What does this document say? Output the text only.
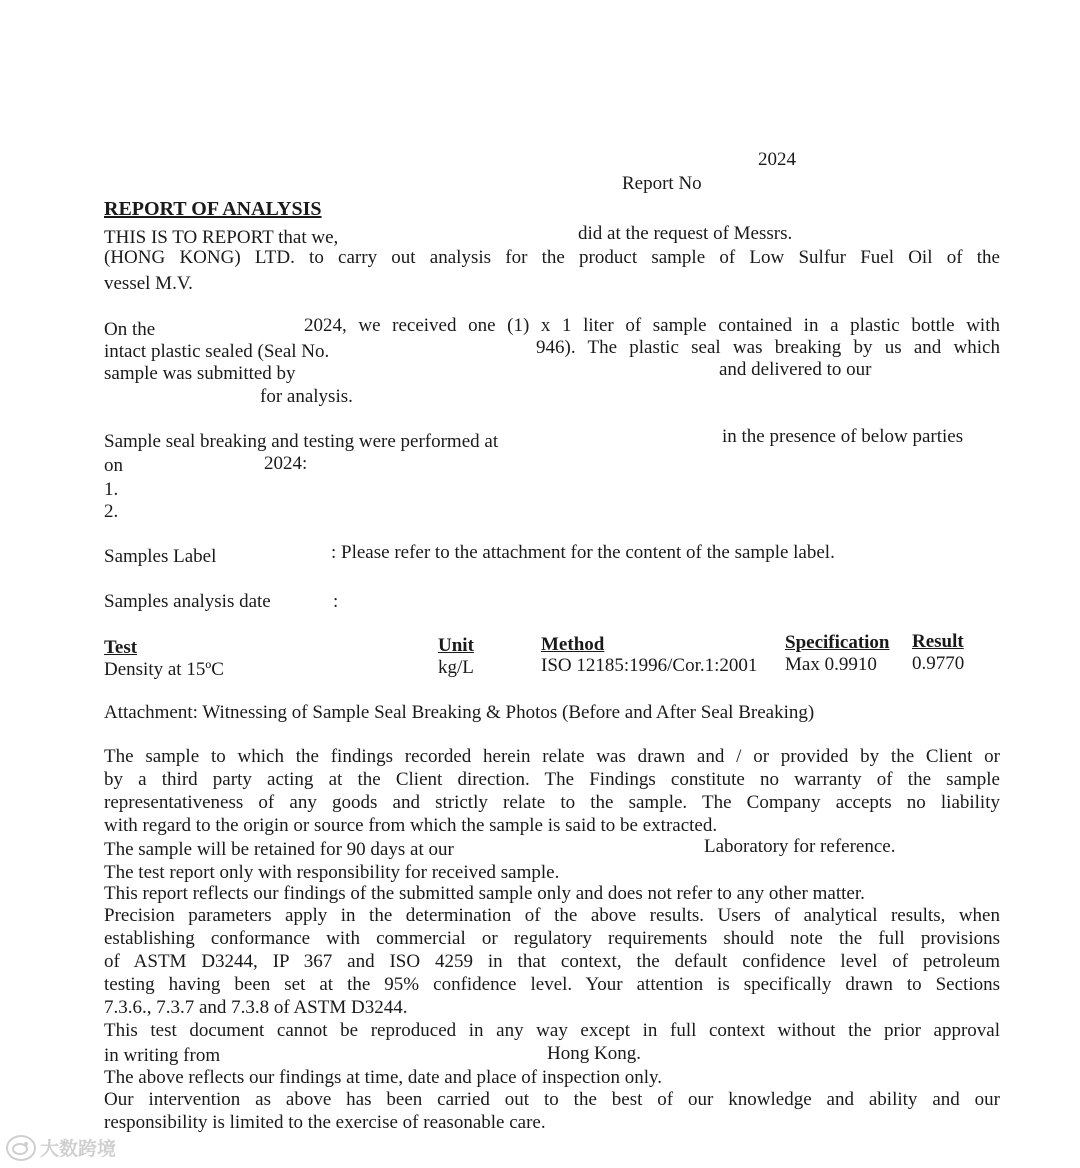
2024
Report No
REPORT OF ANALYSIS
THIS IS TO REPORT that we,	did at the request of Messrs.
(HONG KONG) LTD. to carry out analysis for the product sample of Low Sulfur Fuel Oil of the
vessel M.V.
On the	2024, we received one (1) x 1 liter of sample contained in a plastic bottle with
intact plastic sealed (Seal No.	946). The plastic seal was breaking by us and which
sample was submitted by	and delivered to our
for analysis.
Sample seal breaking and testing were performed at	in the presence of below parties
on	2024:
1.
2.
Samples Label	: Please refer to the attachment for the content of the sample label.
Samples analysis date	:
Test	Unit	Method	Specification Result
Density at 15ºC	kg/L	ISO 12185:1996/Cor.1:2001 Max 0.9910 0.9770
Attachment: Witnessing of Sample Seal Breaking & Photos (Before and After Seal Breaking)
The sample to which the findings recorded herein relate was drawn and / or provided by the Client or
by a third party acting at the Client direction. The Findings constitute no warranty of the sample
representativeness of any goods and strictly relate to the sample. The Company accepts no liability
with regard to the origin or source from which the sample is said to be extracted.
The sample will be retained for 90 days at our	Laboratory for reference.
The test report only with responsibility for received sample.
This report reflects our findings of the submitted sample only and does not refer to any other matter.
Precision parameters apply in the determination of the above results. Users of analytical results, when
establishing conformance with commercial or regulatory requirements should note the full provisions
of ASTM D3244, IP 367 and ISO 4259 in that context, the default confidence level of petroleum
testing having been set at the 95% confidence level. Your attention is specifically drawn to Sections
7.3.6., 7.3.7 and 7.3.8 of ASTM D3244.
This test document cannot be reproduced in any way except in full context without the prior approval
in writing from	Hong Kong.
The above reflects our findings at time, date and place of inspection only.
Our intervention as above has been carried out to the best of our knowledge and ability and our
responsibility is limited to the exercise of reasonable care.
大数跨境
